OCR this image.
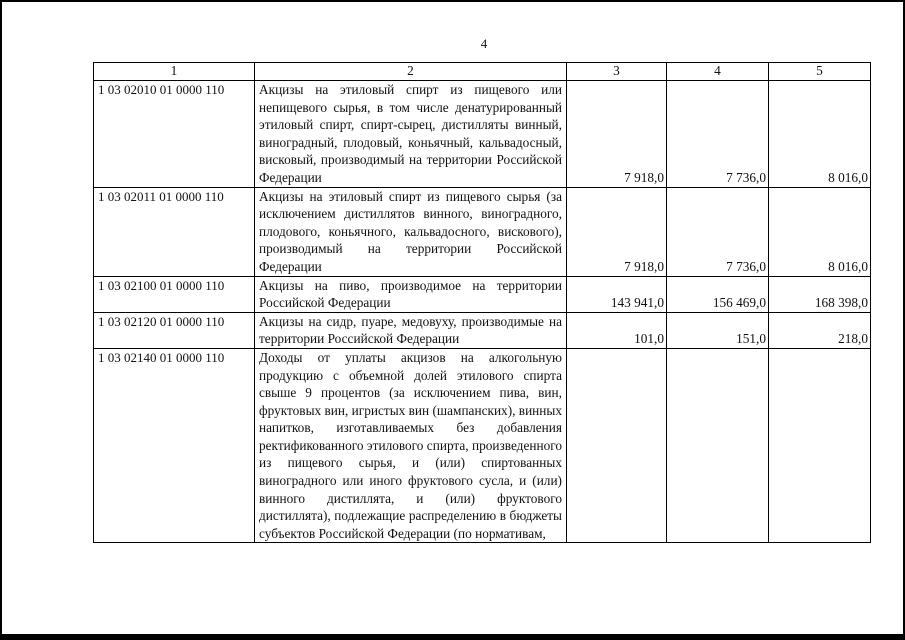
4
1	2	3	4	5
1 03 02010 01 0000 110	Акцизы на этиловый спирт из пищевого или непищевого сырья, в том числе денатурированный этиловый спирт, спирт-сырец, дистилляты винный, виноградный, плодовый, коньячный, кальвадосный, висковый, производимый на территории Российской Федерации	7 918,0	7 736,0	8 016,0
1 03 02011 01 0000 110	Акцизы на этиловый спирт из пищевого сырья (за исключением дистиллятов винного, виноградного, плодового, коньячного, кальвадосного, вискового), производимый на территории Российской Федерации	7 918,0	7 736,0	8 016,0
1 03 02100 01 0000 110	Акцизы на пиво, производимое на территории Российской Федерации	143 941,0	156 469,0	168 398,0
1 03 02120 01 0000 110	Акцизы на сидр, пуаре, медовуху, производимые на территории Российской Федерации	101,0	151,0	218,0
1 03 02140 01 0000 110	Доходы от уплаты акцизов на алкогольную продукцию с объемной долей этилового спирта свыше 9 процентов (за исключением пива, вин, фруктовых вин, игристых вин (шампанских), винных напитков, изготавливаемых без добавления ректификованного этилового спирта, произведенного из пищевого сырья, и (или) спиртованных виноградного или иного фруктового сусла, и (или) винного дистиллята, и (или) фруктового дистиллята), подлежащие распределению в бюджеты субъектов Российской Федерации (по нормативам,			
